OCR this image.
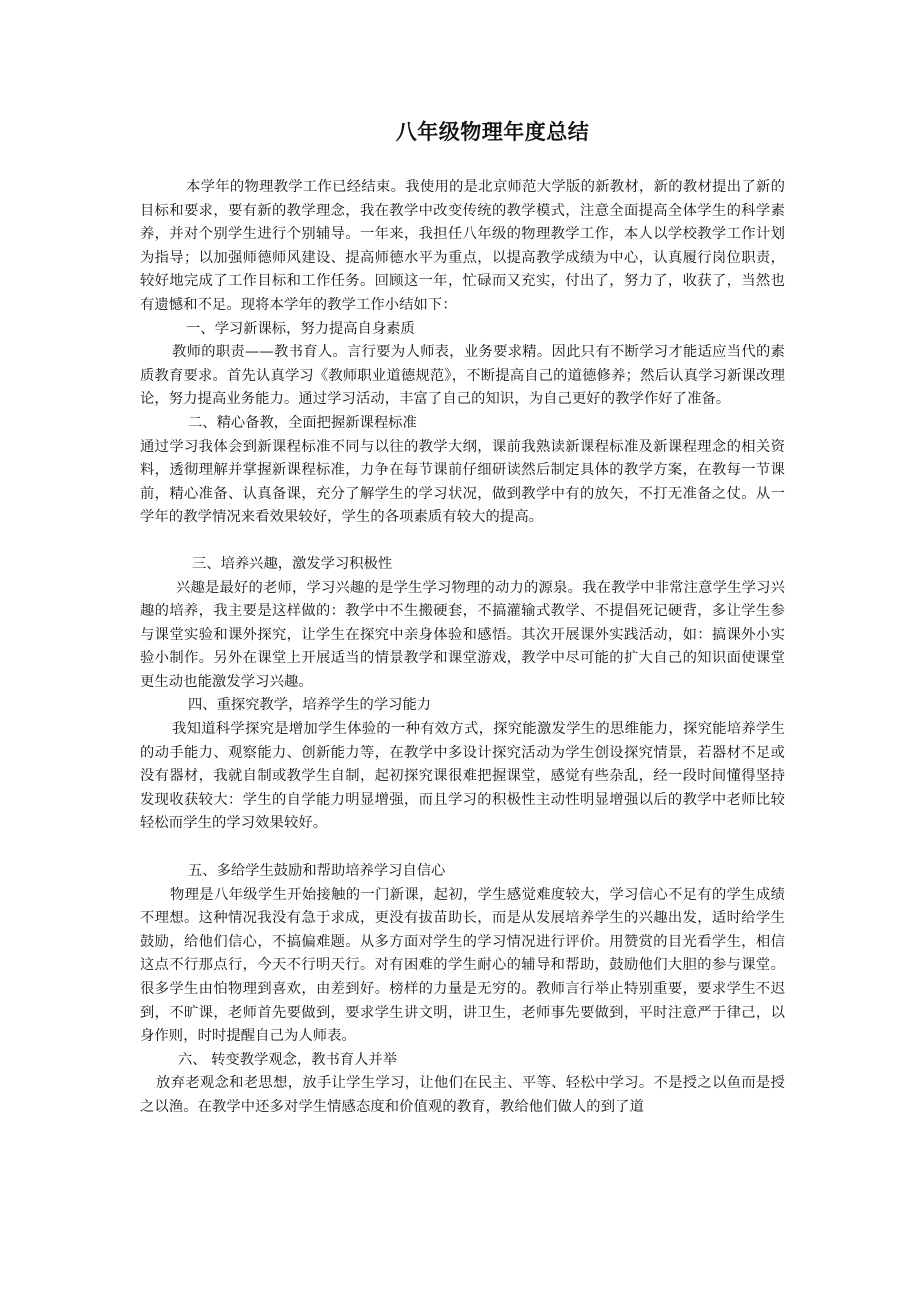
八年级物理年度总结

本学年的物理教学工作已经结束。我使用的是北京师范大学版的新教材，新的教材提出了新的目标和要求，要有新的教学理念，我在教学中改变传统的教学模式，注意全面提高全体学生的科学素养，并对个别学生进行个别辅导。一年来，我担任八年级的物理教学工作，本人以学校教学工作计划为指导；以加强师德师风建设、提高师德水平为重点，以提高教学成绩为中心，认真履行岗位职责，较好地完成了工作目标和工作任务。回顾这一年，忙碌而又充实，付出了，努力了，收获了，当然也有遗憾和不足。现将本学年的教学工作小结如下：

一、学习新课标，努力提高自身素质

教师的职责——教书育人。言行要为人师表，业务要求精。因此只有不断学习才能适应当代的素质教育要求。首先认真学习《教师职业道德规范》，不断提高自己的道德修养；然后认真学习新课改理论，努力提高业务能力。通过学习活动，丰富了自己的知识，为自己更好的教学作好了准备。

二、精心备教，全面把握新课程标准

通过学习我体会到新课程标准不同与以往的教学大纲，课前我熟读新课程标准及新课程理念的相关资料，透彻理解并掌握新课程标准，力争在每节课前仔细研读然后制定具体的教学方案，在教每一节课前，精心准备、认真备课，充分了解学生的学习状况，做到教学中有的放矢，不打无准备之仗。从一学年的教学情况来看效果较好，学生的各项素质有较大的提高。

三、培养兴趣，激发学习积极性

兴趣是最好的老师，学习兴趣的是学生学习物理的动力的源泉。我在教学中非常注意学生学习兴趣的培养，我主要是这样做的：教学中不生搬硬套，不搞灌输式教学、不提倡死记硬背，多让学生参与课堂实验和课外探究，让学生在探究中亲身体验和感悟。其次开展课外实践活动，如：搞课外小实验小制作。另外在课堂上开展适当的情景教学和课堂游戏，教学中尽可能的扩大自己的知识面使课堂更生动也能激发学习兴趣。

四、重探究教学，培养学生的学习能力

我知道科学探究是增加学生体验的一种有效方式，探究能激发学生的思维能力，探究能培养学生的动手能力、观察能力、创新能力等，在教学中多设计探究活动为学生创设探究情景，若器材不足或没有器材，我就自制或教学生自制，起初探究课很难把握课堂，感觉有些杂乱，经一段时间懂得坚持发现收获较大：学生的自学能力明显增强，而且学习的积极性主动性明显增强以后的教学中老师比较轻松而学生的学习效果较好。

五、多给学生鼓励和帮助培养学习自信心

物理是八年级学生开始接触的一门新课，起初，学生感觉难度较大，学习信心不足有的学生成绩不理想。这种情况我没有急于求成，更没有拔苗助长，而是从发展培养学生的兴趣出发，适时给学生鼓励，给他们信心，不搞偏难题。从多方面对学生的学习情况进行评价。用赞赏的目光看学生，相信这点不行那点行，今天不行明天行。对有困难的学生耐心的辅导和帮助，鼓励他们大胆的参与课堂。很多学生由怕物理到喜欢，由差到好。榜样的力量是无穷的。教师言行举止特别重要，要求学生不迟到，不旷课，老师首先要做到，要求学生讲文明，讲卫生，老师事先要做到，平时注意严于律己，以身作则，时时提醒自己为人师表。

六、 转变教学观念，教书育人并举

放弃老观念和老思想，放手让学生学习，让他们在民主、平等、轻松中学习。不是授之以鱼而是授之以渔。在教学中还多对学生情感态度和价值观的教育，教给他们做人的到了道
